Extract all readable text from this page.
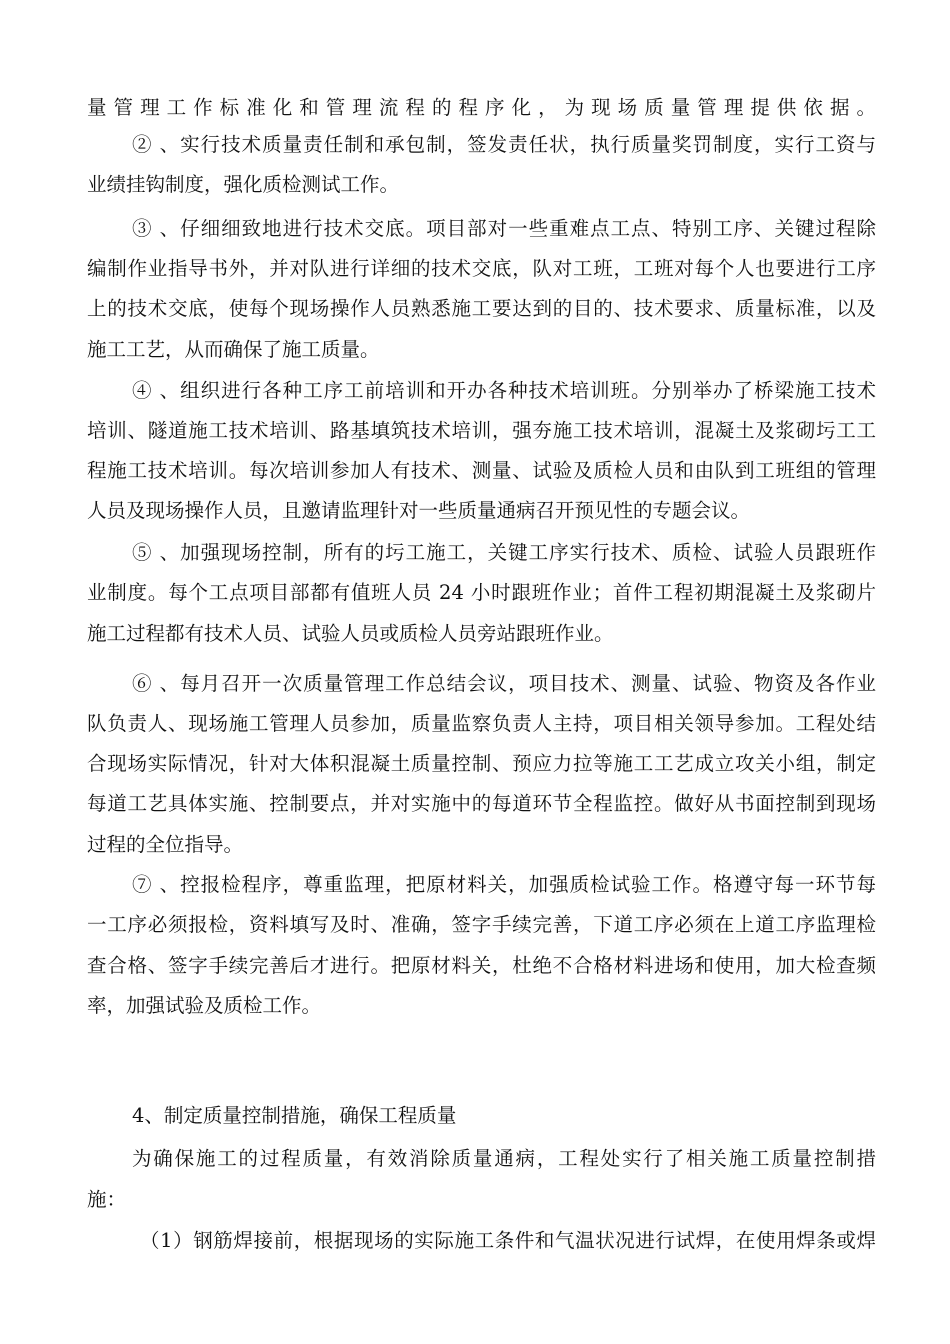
量管理工作标准化和管理流程的程序化，为现场质量管理提供依据。
② 、实行技术质量责任制和承包制，签发责任状，执行质量奖罚制度，实行工资与
业绩挂钩制度，强化质检测试工作。
③ 、仔细细致地进行技术交底。项目部对一些重难点工点、特别工序、关键过程除
编制作业指导书外，并对队进行详细的技术交底，队对工班，工班对每个人也要进行工序
上的技术交底，使每个现场操作人员熟悉施工要达到的目的、技术要求、质量标准，以及
施工工艺，从而确保了施工质量。
④ 、组织进行各种工序工前培训和开办各种技术培训班。分别举办了桥梁施工技术
培训、隧道施工技术培训、路基填筑技术培训，强夯施工技术培训，混凝土及浆砌圬工工
程施工技术培训。每次培训参加人有技术、测量、试验及质检人员和由队到工班组的管理
人员及现场操作人员，且邀请监理针对一些质量通病召开预见性的专题会议。
⑤ 、加强现场控制，所有的圬工施工，关键工序实行技术、质检、试验人员跟班作
业制度。每个工点项目部都有值班人员 24 小时跟班作业；首件工程初期混凝土及浆砌片
施工过程都有技术人员、试验人员或质检人员旁站跟班作业。
⑥ 、每月召开一次质量管理工作总结会议，项目技术、测量、试验、物资及各作业
队负责人、现场施工管理人员参加，质量监察负责人主持，项目相关领导参加。工程处结
合现场实际情况，针对大体积混凝土质量控制、预应力拉等施工工艺成立攻关小组，制定
每道工艺具体实施、控制要点，并对实施中的每道环节全程监控。做好从书面控制到现场
过程的全位指导。
⑦ 、控报检程序，尊重监理，把原材料关，加强质检试验工作。格遵守每一环节每
一工序必须报检，资料填写及时、准确，签字手续完善，下道工序必须在上道工序监理检
查合格、签字手续完善后才进行。把原材料关，杜绝不合格材料进场和使用，加大检查频
率，加强试验及质检工作。
4、制定质量控制措施，确保工程质量
为确保施工的过程质量，有效消除质量通病，工程处实行了相关施工质量控制措
施：
（1）钢筋焊接前，根据现场的实际施工条件和气温状况进行试焊，在使用焊条或焊
